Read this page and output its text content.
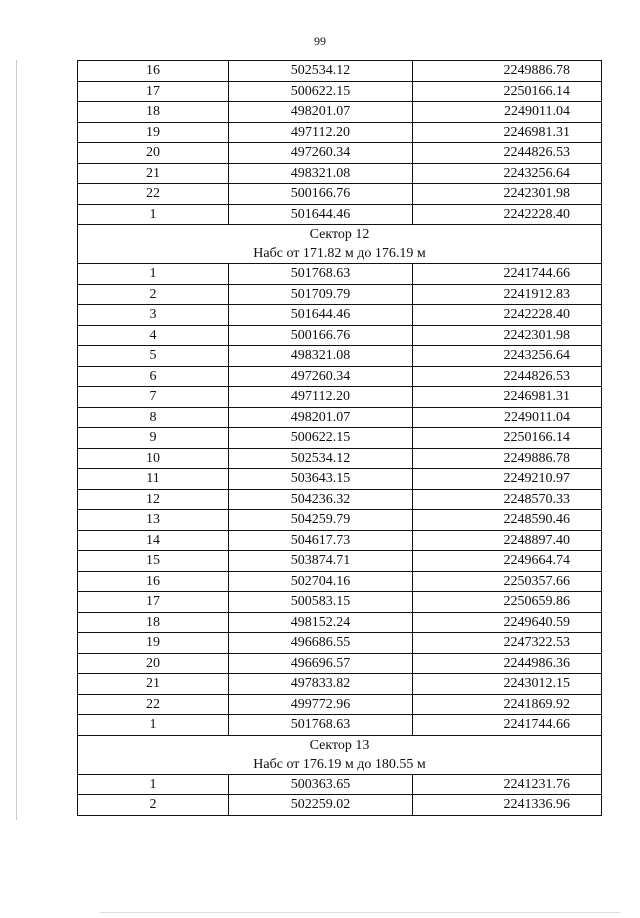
99
16	502534.12	2249886.78
17	500622.15	2250166.14
18	498201.07	2249011.04
19	497112.20	2246981.31
20	497260.34	2244826.53
21	498321.08	2243256.64
22	500166.76	2242301.98
1	501644.46	2242228.40

Сектор 12
Набс от 171.82 м до 176.19 м		

1	501768.63	2241744.66
2	501709.79	2241912.83
3	501644.46	2242228.40
4	500166.76	2242301.98
5	498321.08	2243256.64
6	497260.34	2244826.53
7	497112.20	2246981.31
8	498201.07	2249011.04
9	500622.15	2250166.14
10	502534.12	2249886.78
11	503643.15	2249210.97
12	504236.32	2248570.33
13	504259.79	2248590.46
14	504617.73	2248897.40
15	503874.71	2249664.74
16	502704.16	2250357.66
17	500583.15	2250659.86
18	498152.24	2249640.59
19	496686.55	2247322.53
20	496696.57	2244986.36
21	497833.82	2243012.15
22	499772.96	2241869.92
1	501768.63	2241744.66

Сектор 13
Набс от 176.19 м до 180.55 м		

1	500363.65	2241231.76
2	502259.02	2241336.96
